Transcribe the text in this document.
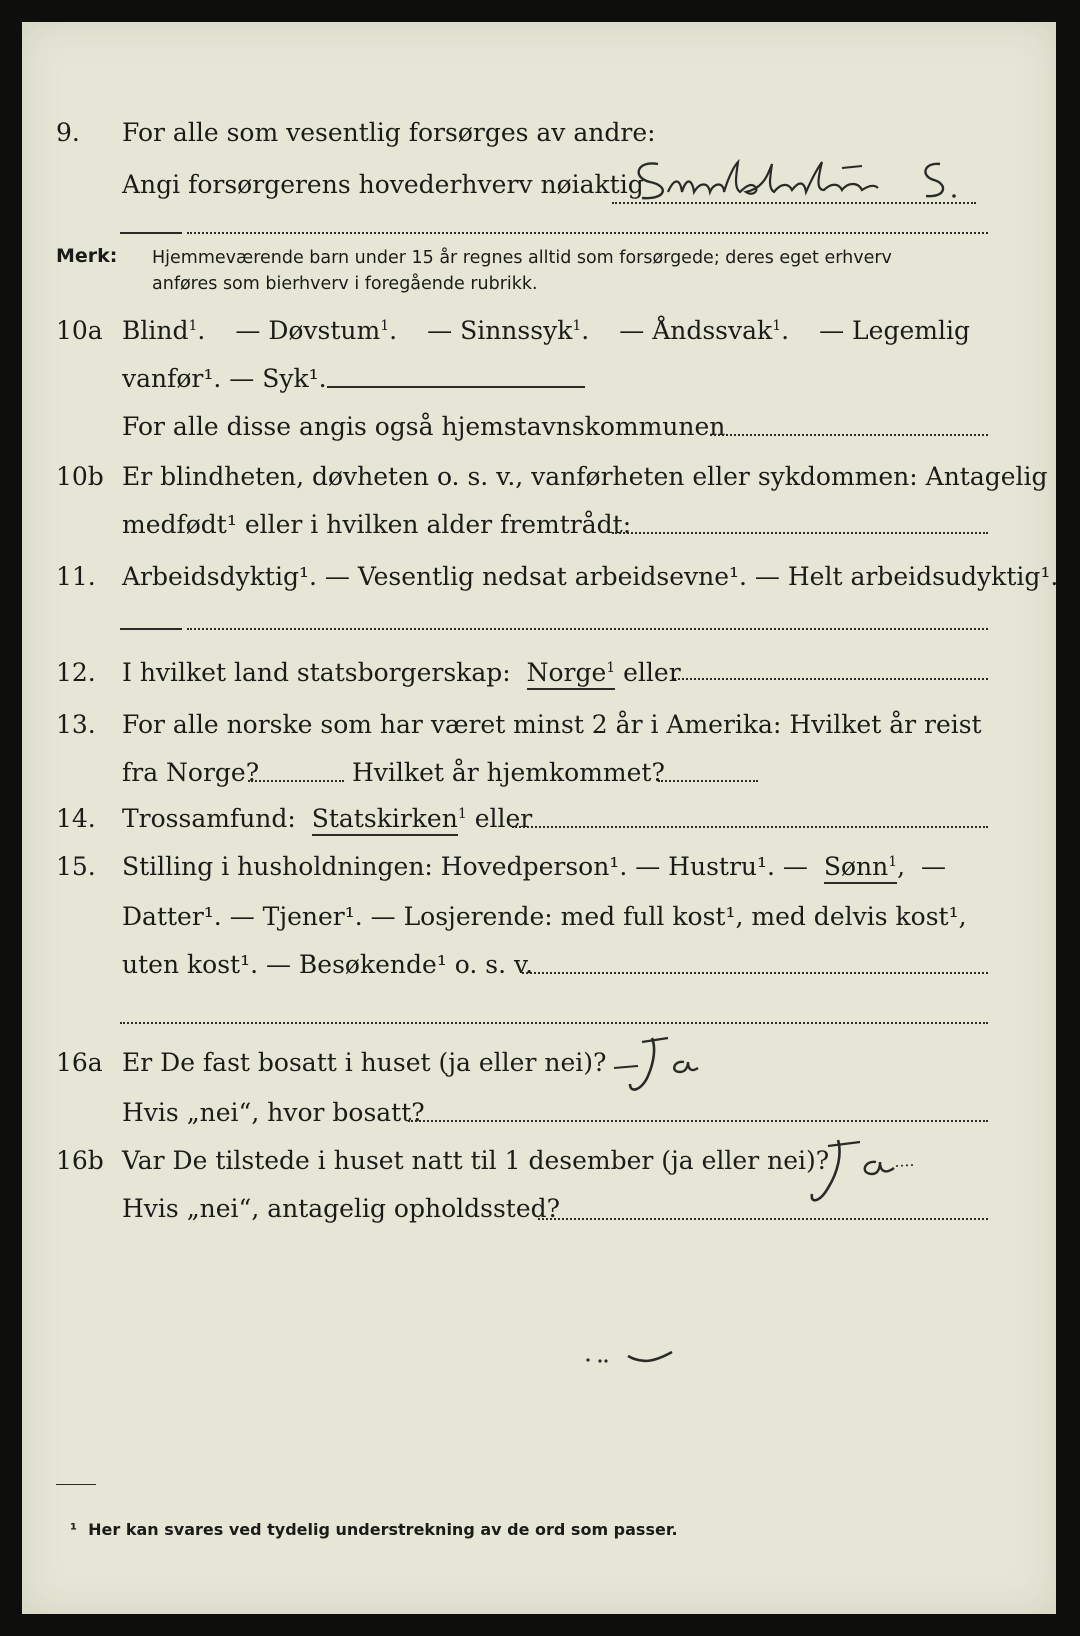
9. For alle som vesentlig forsørges av andre:
Angi forsørgerens hovederhverv nøiaktig
Merk: Hjemmeværende barn under 15 år regnes alltid som forsørgede; deres eget erhverv
anføres som bierhverv i foregående rubrikk.
10a Blind$^1$. — Døvstum$^1$. — Sinnssyk$^1$. — Åndssvak$^1$. — Legemlig
vanfør¹. — Syk¹.
For alle disse angis også hjemstavnskommunen
10b Er blindheten, døvheten o. s. v., vanførheten eller sykdommen: Antagelig
medfødt¹ eller i hvilken alder fremtrådt:
11. Arbeidsdyktig¹. — Vesentlig nedsat arbeidsevne¹. — Helt arbeidsudyktig¹.
12. I hvilket land statsborgerskap: Norge$^1$ eller
13. For alle norske som har været minst 2 år i Amerika: Hvilket år reist
fra Norge?	Hvilket år hjemkommet?
14. Trossamfund: Statskirken$^1$ eller
15. Stilling i husholdningen: Hovedperson¹. — Hustru¹. — Sønn$^1$,  —
Datter¹. — Tjener¹. — Losjerende: med full kost¹, med delvis kost¹,
uten kost¹. — Besøkende¹ o. s. v.
16a Er De fast bosatt i huset (ja eller nei)?
Hvis „nei“, hvor bosatt?
16b Var De tilstede i huset natt til 1 desember (ja eller nei)?
Hvis „nei“, antagelig opholdssted?
¹ Her kan svares ved tydelig understrekning av de ord som passer.
